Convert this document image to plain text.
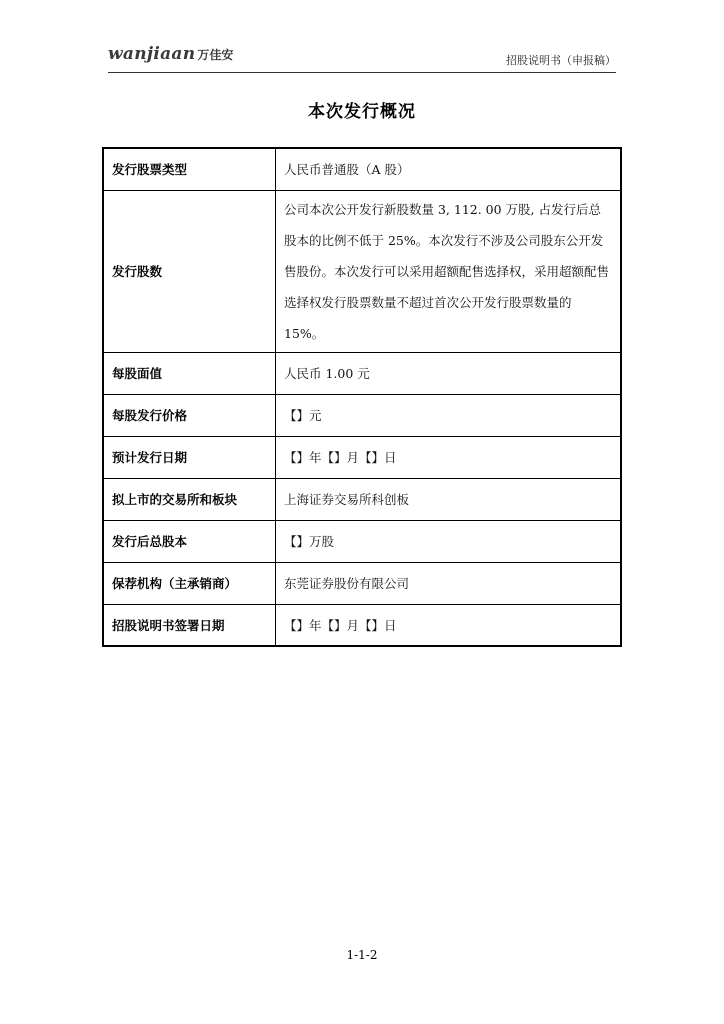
wanjiaan 万佳安	招股说明书（申报稿）
本次发行概况
发行股票类型	人民币普通股（A 股）
发行股数	公司本次公开发行新股数量 3, 112. 00 万股, 占发行后总股本的比例不低于 25%。本次发行不涉及公司股东公开发售股份。本次发行可以采用超额配售选择权，采用超额配售选择权发行股票数量不超过首次公开发行股票数量的 15%。
每股面值	人民币 1.00 元
每股发行价格	【】元
预计发行日期	【】年【】月【】日
拟上市的交易所和板块	上海证券交易所科创板
发行后总股本	【】万股
保荐机构（主承销商）	东莞证券股份有限公司
招股说明书签署日期	【】年【】月【】日
1-1-2
